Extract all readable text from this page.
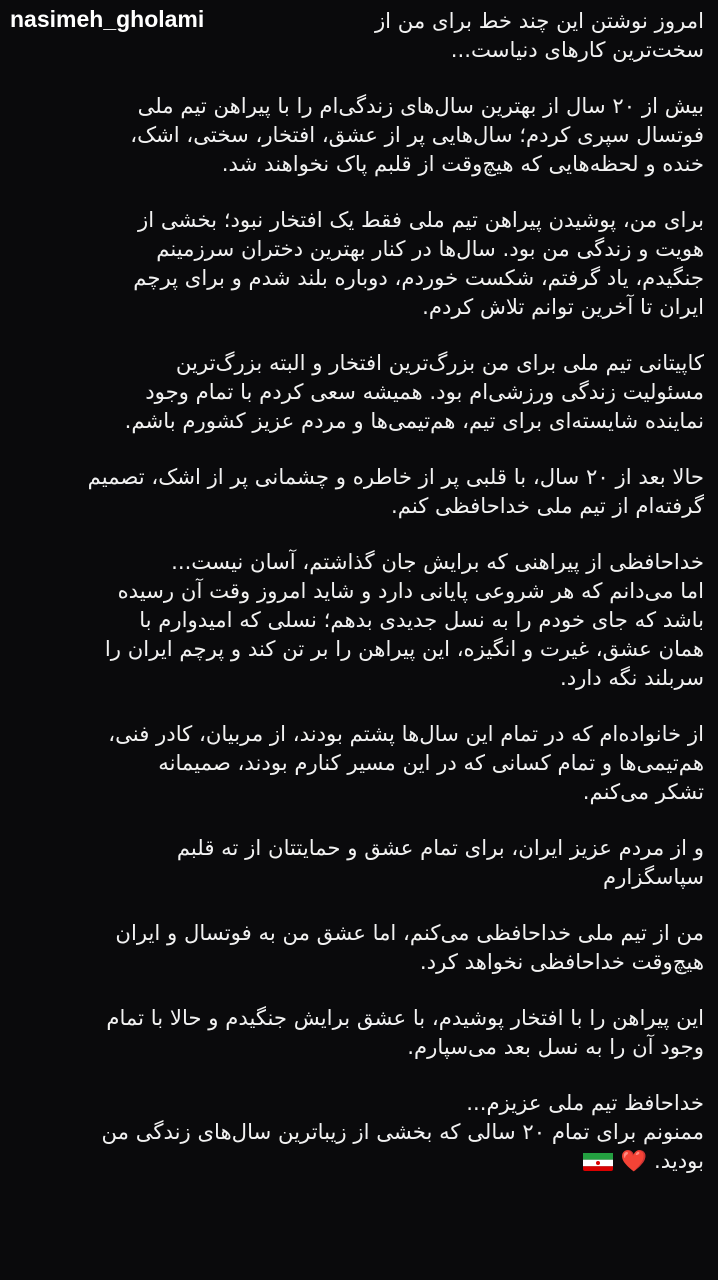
nasimeh_gholami	امروز نوشتن این چند خط برای من از
سخت‌ترین کارهای دنیاست...

بیش از ۲۰ سال از بهترین سال‌های زندگی‌ام را با پیراهن تیم ملی
فوتسال سپری کردم؛ سال‌هایی پر از عشق، افتخار، سختی، اشک،
خنده و لحظه‌هایی که هیچ‌وقت از قلبم پاک نخواهند شد.

برای من، پوشیدن پیراهن تیم ملی فقط یک افتخار نبود؛ بخشی از
هویت و زندگی من بود. سال‌ها در کنار بهترین دختران سرزمینم
جنگیدم، یاد گرفتم، شکست خوردم، دوباره بلند شدم و برای پرچم
ایران تا آخرین توانم تلاش کردم.

کاپیتانی تیم ملی برای من بزرگ‌ترین افتخار و البته بزرگ‌ترین
مسئولیت زندگی ورزشی‌ام بود. همیشه سعی کردم با تمام وجود
نماینده شایسته‌ای برای تیم، هم‌تیمی‌ها و مردم عزیز کشورم باشم.

حالا بعد از ۲۰ سال، با قلبی پر از خاطره و چشمانی پر از اشک، تصمیم
گرفته‌ام از تیم ملی خداحافظی کنم.

خداحافظی از پیراهنی که برایش جان گذاشتم، آسان نیست...
اما می‌دانم که هر شروعی پایانی دارد و شاید امروز وقت آن رسیده
باشد که جای خودم را به نسل جدیدی بدهم؛ نسلی که امیدوارم با
همان عشق، غیرت و انگیزه، این پیراهن را بر تن کند و پرچم ایران را
سربلند نگه دارد.

از خانواده‌ام که در تمام این سال‌ها پشتم بودند، از مربیان، کادر فنی،
هم‌تیمی‌ها و تمام کسانی که در این مسیر کنارم بودند، صمیمانه
تشکر می‌کنم.

و از مردم عزیز ایران، برای تمام عشق و حمایتتان از ته قلبم
سپاسگزارم

من از تیم ملی خداحافظی می‌کنم، اما عشق من به فوتسال و ایران
هیچ‌وقت خداحافظی نخواهد کرد.

این پیراهن را با افتخار پوشیدم، با عشق برایش جنگیدم و حالا با تمام
وجود آن را به نسل بعد می‌سپارم.

خداحافظ تیم ملی عزیزم...
ممنونم برای تمام ۲۰ سالی که بخشی از زیباترین سال‌های زندگی من
بودید. ❤️
